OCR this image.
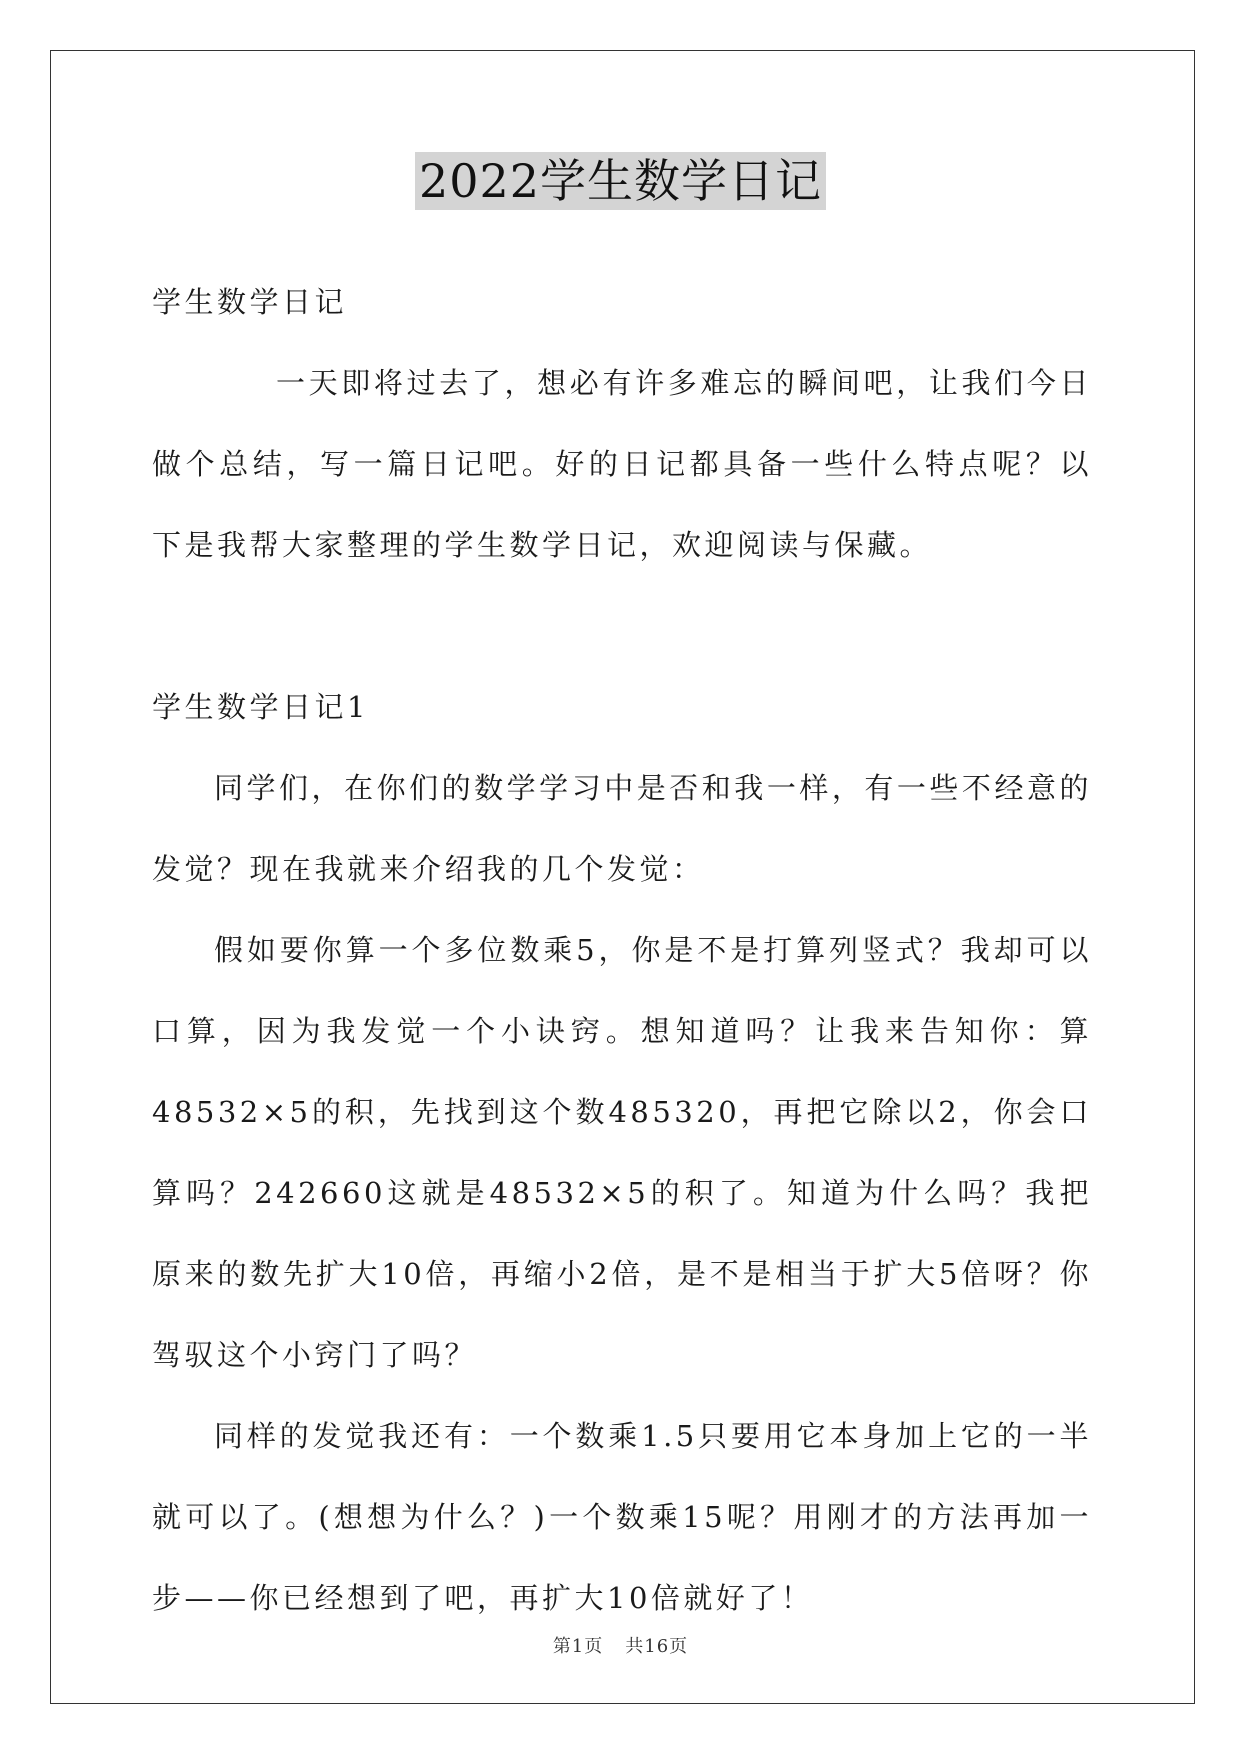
2022学生数学日记

学生数学日记

一天即将过去了，想必有许多难忘的瞬间吧，让我们今日做个总结，写一篇日记吧。好的日记都具备一些什么特点呢？以下是我帮大家整理的学生数学日记，欢迎阅读与保藏。

学生数学日记1

同学们，在你们的数学学习中是否和我一样，有一些不经意的发觉？现在我就来介绍我的几个发觉：

假如要你算一个多位数乘5，你是不是打算列竖式？我却可以口算，因为我发觉一个小诀窍。想知道吗？让我来告知你：算48532×5的积，先找到这个数485320，再把它除以2，你会口算吗？242660这就是48532×5的积了。知道为什么吗？我把原来的数先扩大10倍，再缩小2倍，是不是相当于扩大5倍呀？你驾驭这个小窍门了吗？

同样的发觉我还有：一个数乘1.5只要用它本身加上它的一半就可以了。(想想为什么？)一个数乘15呢？用刚才的方法再加一步——你已经想到了吧，再扩大10倍就好了！

第1页 共16页
